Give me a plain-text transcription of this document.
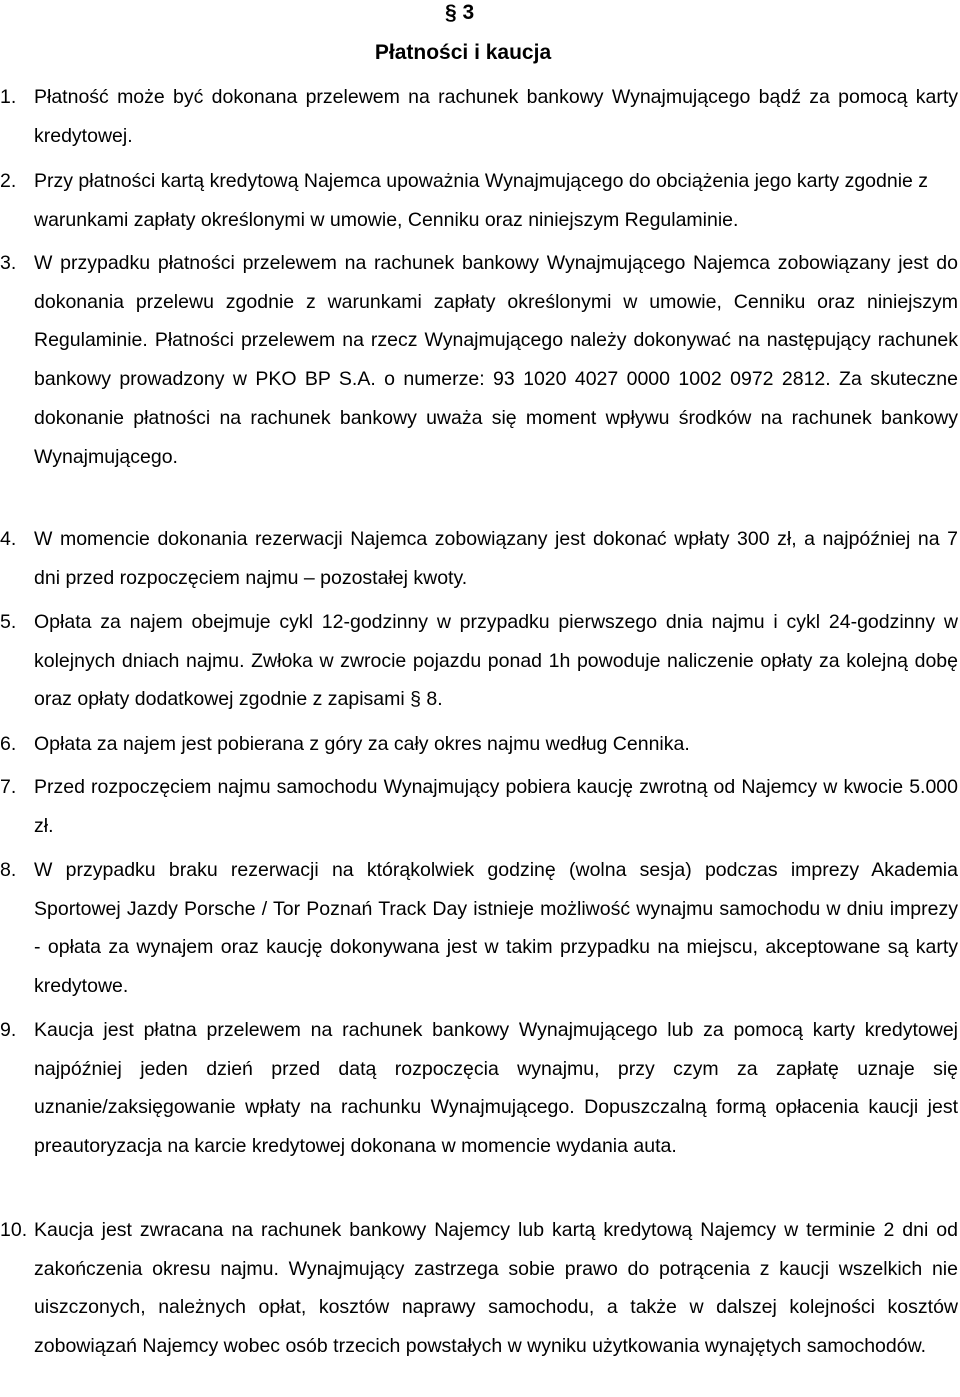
§ 3
Płatności i kaucja
1. Płatność może być dokonana przelewem na rachunek bankowy Wynajmującego bądź za pomocą karty kredytowej.
2. Przy płatności kartą kredytową Najemca upoważnia Wynajmującego do obciążenia jego karty zgodnie z warunkami zapłaty określonymi w umowie, Cenniku oraz niniejszym Regulaminie.
3. W przypadku płatności przelewem na rachunek bankowy Wynajmującego Najemca zobowiązany jest do dokonania przelewu zgodnie z warunkami zapłaty określonymi w umowie, Cenniku oraz niniejszym Regulaminie. Płatności przelewem na rzecz Wynajmującego należy dokonywać na następujący rachunek bankowy prowadzony w PKO BP S.A. o numerze: 93 1020 4027 0000 1002 0972 2812. Za skuteczne dokonanie płatności na rachunek bankowy uważa się moment wpływu środków na rachunek bankowy Wynajmującego.
4. W momencie dokonania rezerwacji Najemca zobowiązany jest dokonać wpłaty 300 zł, a najpóźniej na 7 dni przed rozpoczęciem najmu – pozostałej kwoty.
5. Opłata za najem obejmuje cykl 12-godzinny w przypadku pierwszego dnia najmu i cykl 24-godzinny w kolejnych dniach najmu. Zwłoka w zwrocie pojazdu ponad 1h powoduje naliczenie opłaty za kolejną dobę oraz opłaty dodatkowej zgodnie z zapisami § 8.
6. Opłata za najem jest pobierana z góry za cały okres najmu według Cennika.
7. Przed rozpoczęciem najmu samochodu Wynajmujący pobiera kaucję zwrotną od Najemcy w kwocie 5.000 zł.
8. W przypadku braku rezerwacji na którąkolwiek godzinę (wolna sesja) podczas imprezy Akademia Sportowej Jazdy Porsche / Tor Poznań Track Day istnieje możliwość wynajmu samochodu w dniu imprezy - opłata za wynajem oraz kaucję dokonywana jest w takim przypadku na miejscu, akceptowane są karty kredytowe.
9. Kaucja jest płatna przelewem na rachunek bankowy Wynajmującego lub za pomocą karty kredytowej najpóźniej jeden dzień przed datą rozpoczęcia wynajmu, przy czym za zapłatę uznaje się uznanie/zaksięgowanie wpłaty na rachunku Wynajmującego. Dopuszczalną formą opłacenia kaucji jest preautoryzacja na karcie kredytowej dokonana w momencie wydania auta.
10. Kaucja jest zwracana na rachunek bankowy Najemcy lub kartą kredytową Najemcy w terminie 2 dni od zakończenia okresu najmu. Wynajmujący zastrzega sobie prawo do potrącenia z kaucji wszelkich nie uiszczonych, należnych opłat, kosztów naprawy samochodu, a także w dalszej kolejności kosztów zobowiązań Najemcy wobec osób trzecich powstałych w wyniku użytkowania wynajętych samochodów.
